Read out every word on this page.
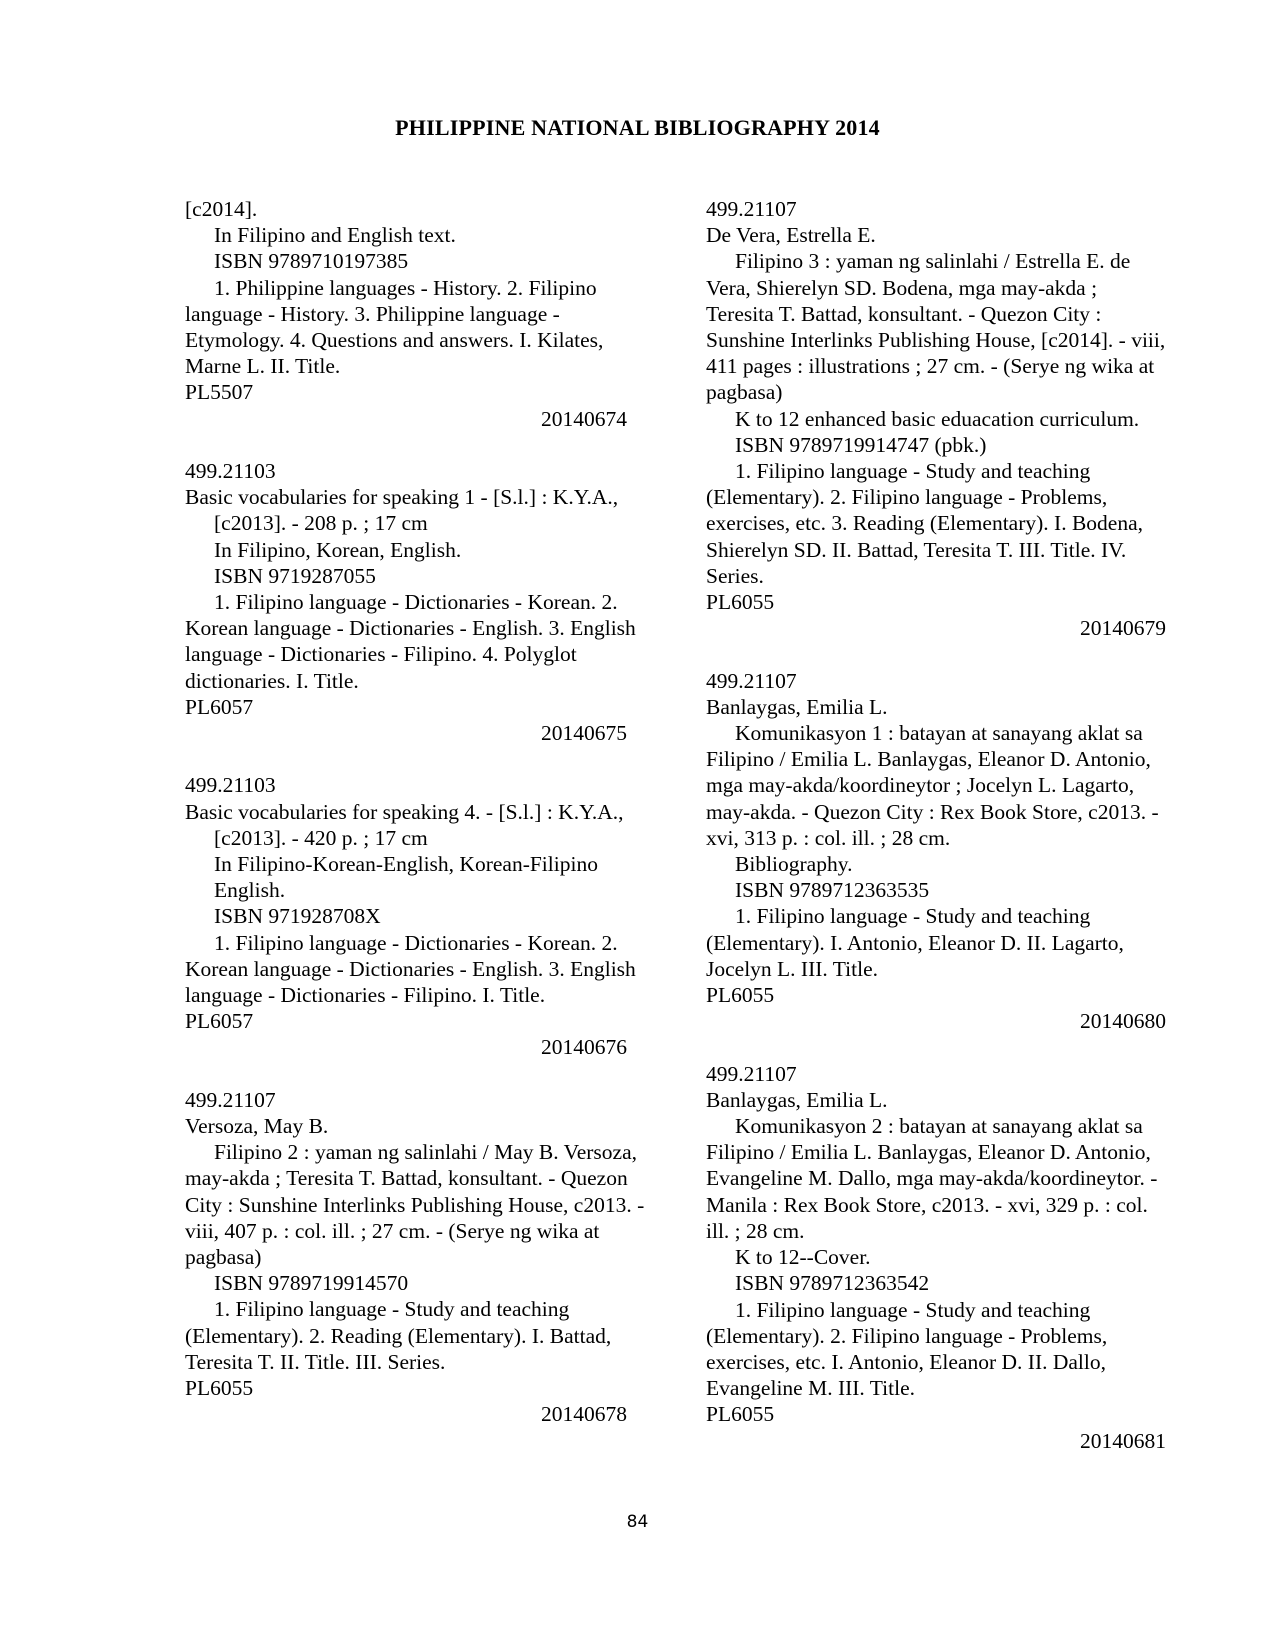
PHILIPPINE NATIONAL BIBLIOGRAPHY 2014
[c2014].
In Filipino and English text.
ISBN 9789710197385
1. Philippine languages - History. 2. Filipino
language - History. 3. Philippine language -
Etymology. 4. Questions and answers. I. Kilates,
Marne L. II. Title.
PL5507
20140674
499.21103
Basic vocabularies for speaking 1 - [S.l.] : K.Y.A.,
[c2013]. - 208 p. ; 17 cm
In Filipino, Korean, English.
ISBN 9719287055
1. Filipino language - Dictionaries - Korean. 2.
Korean language - Dictionaries - English. 3. English
language - Dictionaries - Filipino. 4. Polyglot
dictionaries. I. Title.
PL6057
20140675
499.21103
Basic vocabularies for speaking 4. - [S.l.] : K.Y.A.,
[c2013]. - 420 p. ; 17 cm
In Filipino-Korean-English, Korean-Filipino
English.
ISBN 971928708X
1. Filipino language - Dictionaries - Korean. 2.
Korean language - Dictionaries - English. 3. English
language - Dictionaries - Filipino. I. Title.
PL6057
20140676
499.21107
Versoza, May B.
Filipino 2 : yaman ng salinlahi / May B. Versoza,
may-akda ; Teresita T. Battad, konsultant. - Quezon
City : Sunshine Interlinks Publishing House, c2013. -
viii, 407 p. : col. ill. ; 27 cm. - (Serye ng wika at
pagbasa)
ISBN 9789719914570
1. Filipino language - Study and teaching
(Elementary). 2. Reading (Elementary). I. Battad,
Teresita T. II. Title. III. Series.
PL6055
20140678
499.21107
De Vera, Estrella E.
Filipino 3 : yaman ng salinlahi / Estrella E. de
Vera, Shierelyn SD. Bodena, mga may-akda ;
Teresita T. Battad, konsultant. - Quezon City :
Sunshine Interlinks Publishing House, [c2014]. - viii,
411 pages : illustrations ; 27 cm. - (Serye ng wika at
pagbasa)
K to 12 enhanced basic eduacation curriculum.
ISBN 9789719914747 (pbk.)
1. Filipino language - Study and teaching
(Elementary). 2. Filipino language - Problems,
exercises, etc. 3. Reading (Elementary). I. Bodena,
Shierelyn SD. II. Battad, Teresita T. III. Title. IV.
Series.
PL6055
20140679
499.21107
Banlaygas, Emilia L.
Komunikasyon 1 : batayan at sanayang aklat sa
Filipino / Emilia L. Banlaygas, Eleanor D. Antonio,
mga may-akda/koordineytor ; Jocelyn L. Lagarto,
may-akda. - Quezon City : Rex Book Store, c2013. -
xvi, 313 p. : col. ill. ; 28 cm.
Bibliography.
ISBN 9789712363535
1. Filipino language - Study and teaching
(Elementary). I. Antonio, Eleanor D. II. Lagarto,
Jocelyn L. III. Title.
PL6055
20140680
499.21107
Banlaygas, Emilia L.
Komunikasyon 2 : batayan at sanayang aklat sa
Filipino / Emilia L. Banlaygas, Eleanor D. Antonio,
Evangeline M. Dallo, mga may-akda/koordineytor. -
Manila : Rex Book Store, c2013. - xvi, 329 p. : col.
ill. ; 28 cm.
K to 12--Cover.
ISBN 9789712363542
1. Filipino language - Study and teaching
(Elementary). 2. Filipino language - Problems,
exercises, etc. I. Antonio, Eleanor D. II. Dallo,
Evangeline M. III. Title.
PL6055
20140681
84
